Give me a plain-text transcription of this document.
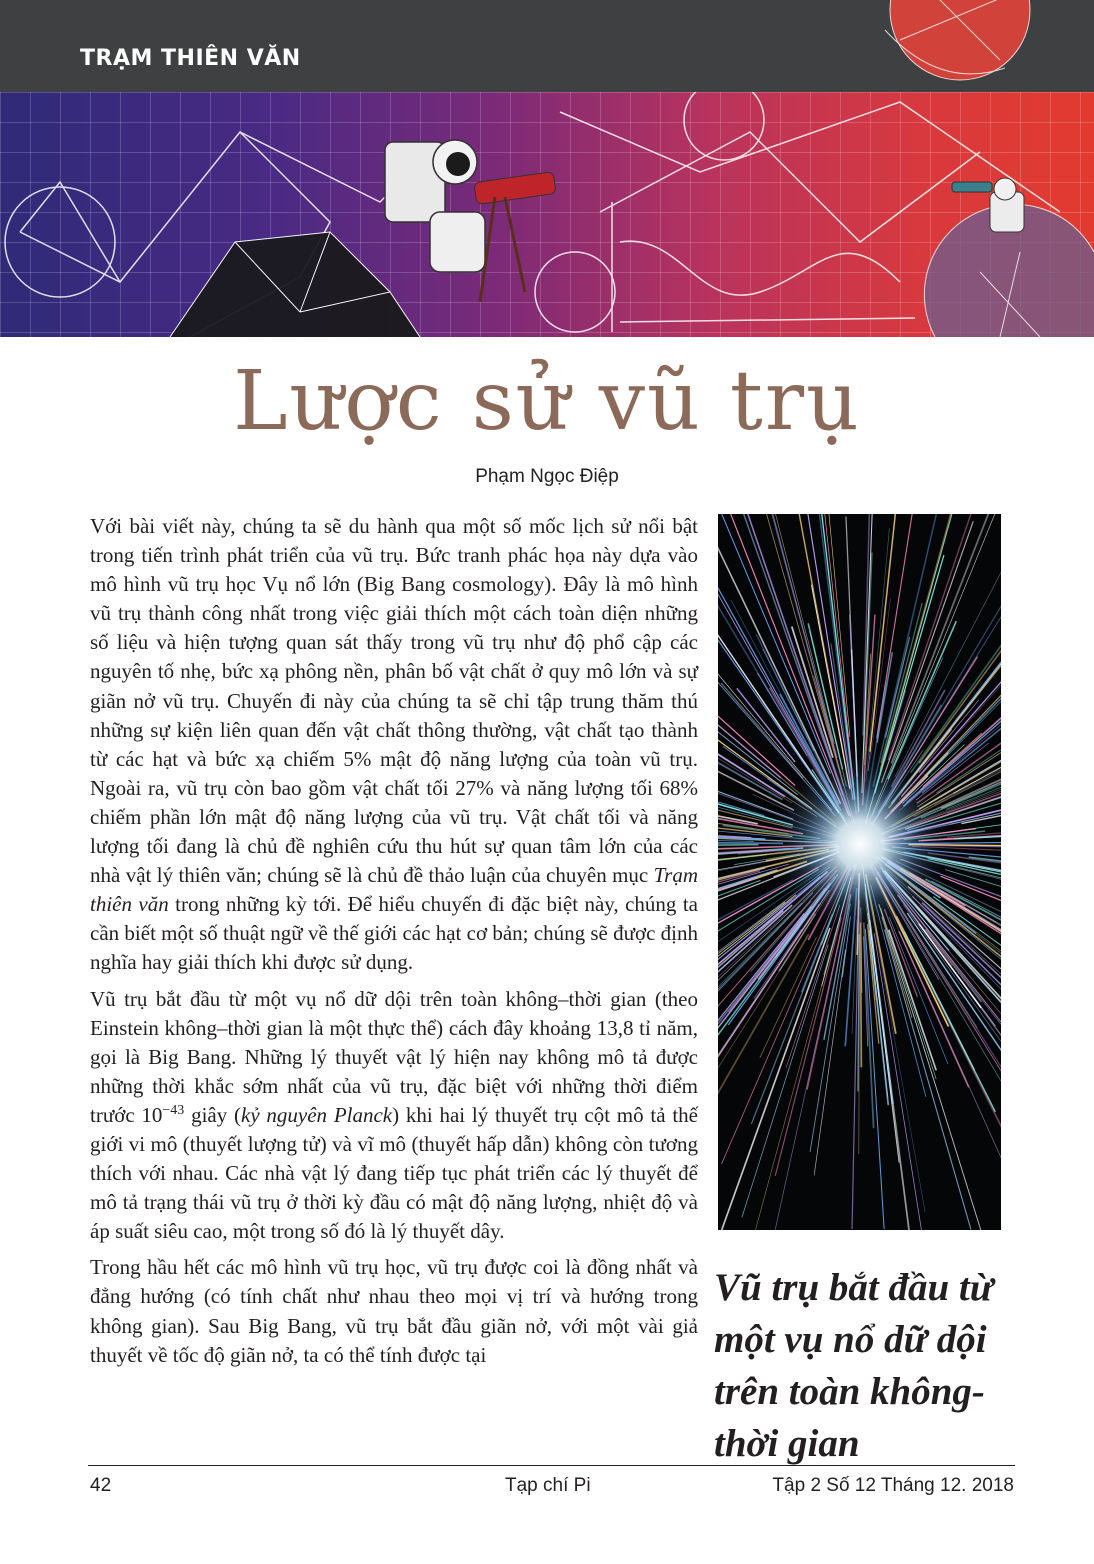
TRẠM THIÊN VĂN
Lược sử vũ trụ
Phạm Ngọc Điệp

Với bài viết này, chúng ta sẽ du hành qua một số mốc lịch sử nổi bật trong tiến trình phát triển của vũ trụ. Bức tranh phác họa này dựa vào mô hình vũ trụ học Vụ nổ lớn (Big Bang cosmology). Đây là mô hình vũ trụ thành công nhất trong việc giải thích một cách toàn diện những số liệu và hiện tượng quan sát thấy trong vũ trụ như độ phổ cập các nguyên tố nhẹ, bức xạ phông nền, phân bố vật chất ở quy mô lớn và sự giãn nở vũ trụ. Chuyến đi này của chúng ta sẽ chỉ tập trung thăm thú những sự kiện liên quan đến vật chất thông thường, vật chất tạo thành từ các hạt và bức xạ chiếm 5% mật độ năng lượng của toàn vũ trụ. Ngoài ra, vũ trụ còn bao gồm vật chất tối 27% và năng lượng tối 68% chiếm phần lớn mật độ năng lượng của vũ trụ. Vật chất tối và năng lượng tối đang là chủ đề nghiên cứu thu hút sự quan tâm lớn của các nhà vật lý thiên văn; chúng sẽ là chủ đề thảo luận của chuyên mục Trạm thiên văn trong những kỳ tới. Để hiểu chuyến đi đặc biệt này, chúng ta cần biết một số thuật ngữ về thế giới các hạt cơ bản; chúng sẽ được định nghĩa hay giải thích khi được sử dụng.

Vũ trụ bắt đầu từ một vụ nổ dữ dội trên toàn không–thời gian (theo Einstein không–thời gian là một thực thể) cách đây khoảng 13,8 tỉ năm, gọi là Big Bang. Những lý thuyết vật lý hiện nay không mô tả được những thời khắc sớm nhất của vũ trụ, đặc biệt với những thời điểm trước $10^{-43}$ giây (kỷ nguyên Planck) khi hai lý thuyết trụ cột mô tả thế giới vi mô (thuyết lượng tử) và vĩ mô (thuyết hấp dẫn) không còn tương thích với nhau. Các nhà vật lý đang tiếp tục phát triển các lý thuyết để mô tả trạng thái vũ trụ ở thời kỳ đầu có mật độ năng lượng, nhiệt độ và áp suất siêu cao, một trong số đó là lý thuyết dây.

Trong hầu hết các mô hình vũ trụ học, vũ trụ được coi là đồng nhất và đẳng hướng (có tính chất như nhau theo mọi vị trí và hướng trong không gian). Sau Big Bang, vũ trụ bắt đầu giãn nở, với một vài giả thuyết về tốc độ giãn nở, ta có thể tính được tại

Vũ trụ bắt đầu từ một vụ nổ dữ dội trên toàn không-thời gian
42	Tạp chí Pi	Tập 2 Số 12 Tháng 12. 2018
